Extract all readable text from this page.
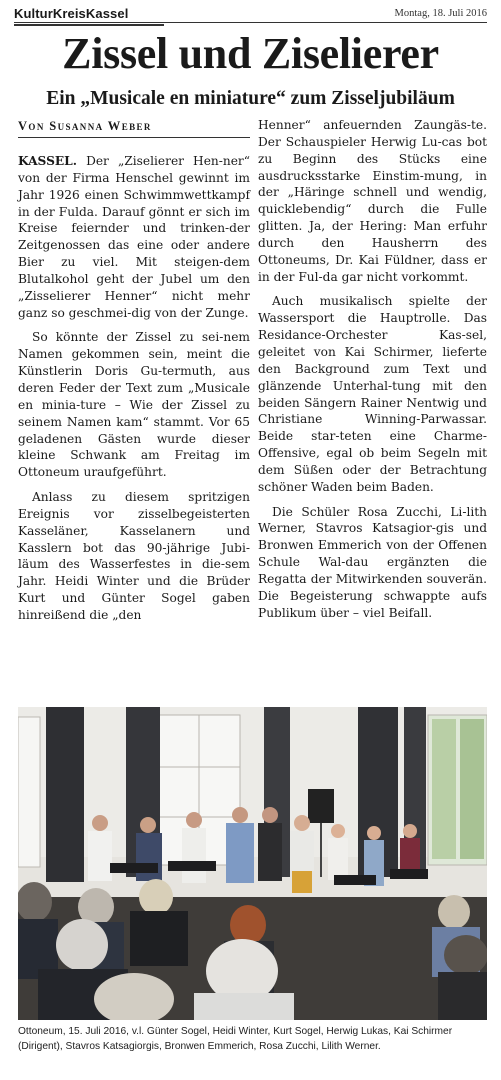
KulturKreisKassel	Montag, 18. Juli 2016
Zissel und Ziselierer
Ein „Musicale en miniature“ zum Zisseljubiläum
Von Susanna Weber

KASSEL. Der „Ziselierer Hen-ner“ von der Firma Henschel gewinnt im Jahr 1926 einen Schwimmwettkampf in der Fulda. Darauf gönnt er sich im Kreise feiernder und trinken-der Zeitgenossen das eine oder andere Bier zu viel. Mit steigen-dem Blutalkohol geht der Jubel um den „Zisselierer Henner“ nicht mehr ganz so geschmei-dig von der Zunge.

So könnte der Zissel zu sei-nem Namen gekommen sein, meint die Künstlerin Doris Gu-termuth, aus deren Feder der Text zum „Musicale en minia-ture – Wie der Zissel zu seinem Namen kam“ stammt. Vor 65 geladenen Gästen wurde dieser kleine Schwank am Freitag im Ottoneum uraufgeführt.

Anlass zu diesem spritzigen Ereignis vor zisselbegeisterten Kasseläner, Kasselanern und Kasslern bot das 90-jährige Jubi-läum des Wasserfestes in die-sem Jahr. Heidi Winter und die Brüder Kurt und Günter Sogel gaben hinreißend die „den

Henner“ anfeuernden Zaungäs-te. Der Schauspieler Herwig Lu-cas bot zu Beginn des Stücks eine ausdrucksstarke Einstim-mung, in der „Häringe schnell und wendig, quicklebendig“ durch die Fulle glitten. Ja, der Hering: Man erfuhr durch den Hausherrn des Ottoneums, Dr. Kai Füldner, dass er in der Ful-da gar nicht vorkommt.

Auch musikalisch spielte der Wassersport die Hauptrolle. Das Residance-Orchester Kas-sel, geleitet von Kai Schirmer, lieferte den Background zum Text und glänzende Unterhal-tung mit den beiden Sängern Rainer Nentwig und Christiane Winning-Parwassar. Beide star-teten eine Charme-Offensive, egal ob beim Segeln mit dem Süßen oder der Betrachtung schöner Waden beim Baden.

Die Schüler Rosa Zucchi, Li-lith Werner, Stavros Katsagior-gis und Bronwen Emmerich von der Offenen Schule Wal-dau ergänzten die Regatta der Mitwirkenden souverän. Die Begeisterung schwappte aufs Publikum über – viel Beifall.

Ottoneum, 15. Juli 2016, v.l. Günter Sogel, Heidi Winter, Kurt Sogel, Herwig Lukas, Kai Schirmer (Dirigent), Stavros Katsagiorgis, Bronwen Emmerich, Rosa Zucchi, Lilith Werner.
